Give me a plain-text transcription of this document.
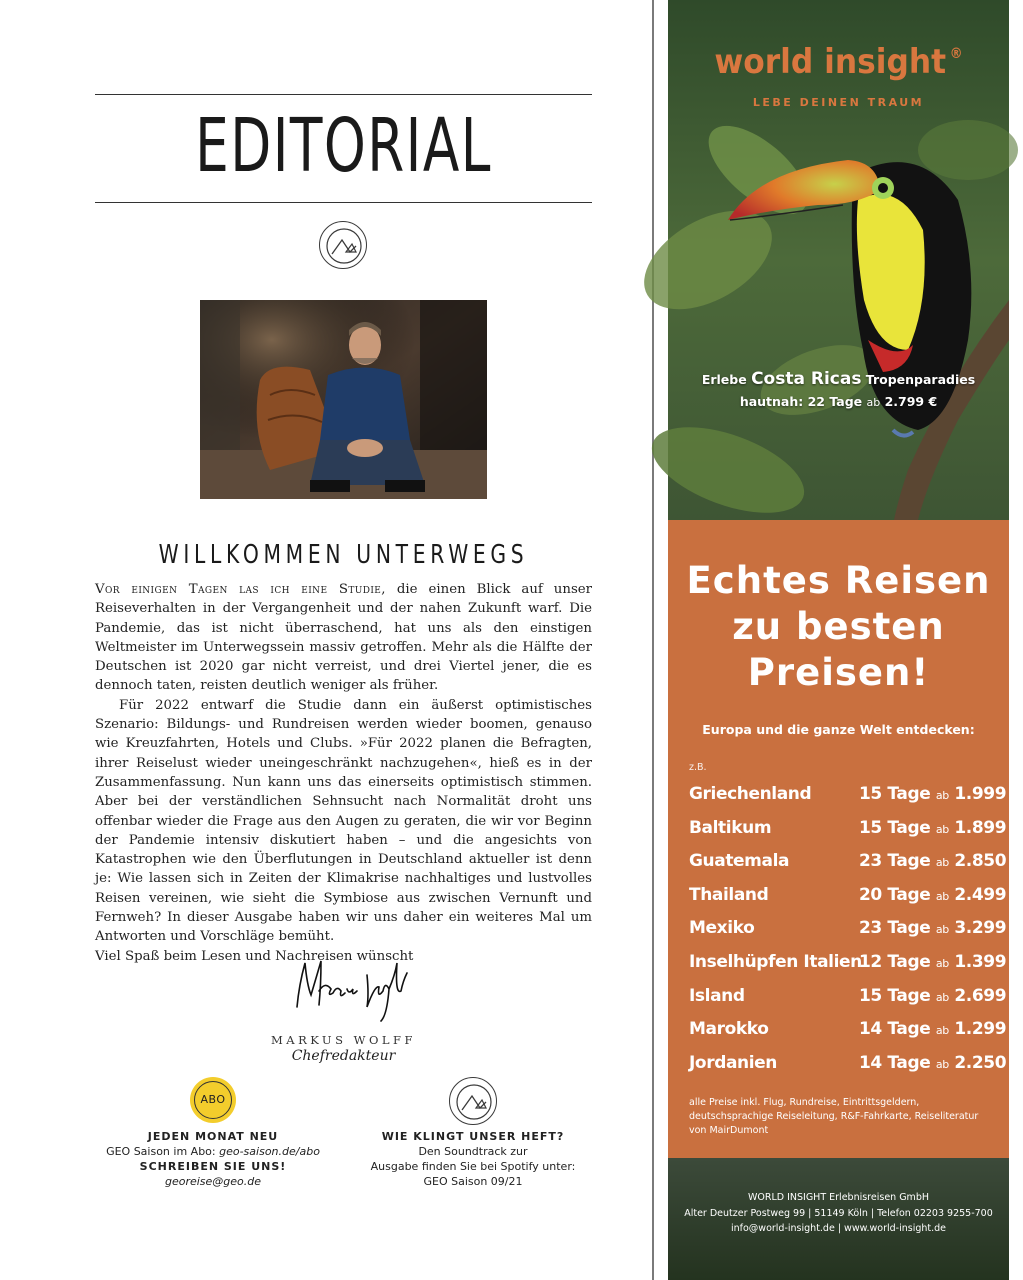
EDITORIAL
WILLKOMMEN UNTERWEGS

Vor einigen Tagen las ich eine Studie, die einen Blick auf unser Reiseverhalten in der Vergangenheit und der nahen Zukunft warf. Die Pandemie, das ist nicht überraschend, hat uns als den einstigen Weltmeister im Unterwegssein massiv getroffen. Mehr als die Hälfte der Deutschen ist 2020 gar nicht verreist, und drei Viertel jener, die es dennoch taten, reisten deutlich weniger als früher.

Für 2022 entwarf die Studie dann ein äußerst optimistisches Szenario: Bildungs- und Rundreisen werden wieder boomen, genauso wie Kreuzfahrten, Hotels und Clubs. »Für 2022 planen die Befragten, ihrer Reiselust wieder uneingeschränkt nachzugehen«, hieß es in der Zusammenfassung. Nun kann uns das einerseits optimistisch stimmen. Aber bei der verständlichen Sehnsucht nach Normalität droht uns offenbar wieder die Frage aus den Augen zu geraten, die wir vor Beginn der Pandemie intensiv diskutiert haben – und die angesichts von Katastrophen wie den Überflutungen in Deutschland aktueller ist denn je: Wie lassen sich in Zeiten der Klimakrise nachhaltiges und lustvolles Reisen vereinen, wie sieht die Symbiose aus zwischen Vernunft und Fernweh? In dieser Ausgabe haben wir uns daher ein weiteres Mal um Antworten und Vorschläge bemüht.

Viel Spaß beim Lesen und Nachreisen wünscht

MARKUS WOLFF
Chefredakteur
ABO
JEDEN MONAT NEU
GEO Saison im Abo: geo-saison.de/abo
SCHREIBEN SIE UNS!
georeise@geo.de
WIE KLINGT UNSER HEFT?
Den Soundtrack zur
Ausgabe finden Sie bei Spotify unter:
GEO Saison 09/21
world insight ®
LEBE DEINEN TRAUM
Erlebe Costa Ricas Tropenparadies
hautnah: 22 Tage ab 2.799 €
Echtes Reisen
zu besten
Preisen!
Europa und die ganze Welt entdecken:
z.B.
Griechenland	15 Tage ab 1.999 €
Baltikum	15 Tage ab 1.899 €
Guatemala	23 Tage ab 2.850 €
Thailand	20 Tage ab 2.499 €
Mexiko	23 Tage ab 3.299 €
Inselhüpfen Italien
12 Tage ab 1.399 €
Island	15 Tage ab 2.699 €
Marokko	14 Tage ab 1.299 €
Jordanien	14 Tage ab 2.250 €
alle Preise inkl. Flug, Rundreise, Eintrittsgeldern, deutschsprachige Reiseleitung, R&F-Fahrkarte, Reiseliteratur von MairDumont
WORLD INSIGHT Erlebnisreisen GmbH
Alter Deutzer Postweg 99 | 51149 Köln | Telefon 02203 9255-700
info@world-insight.de | www.world-insight.de
